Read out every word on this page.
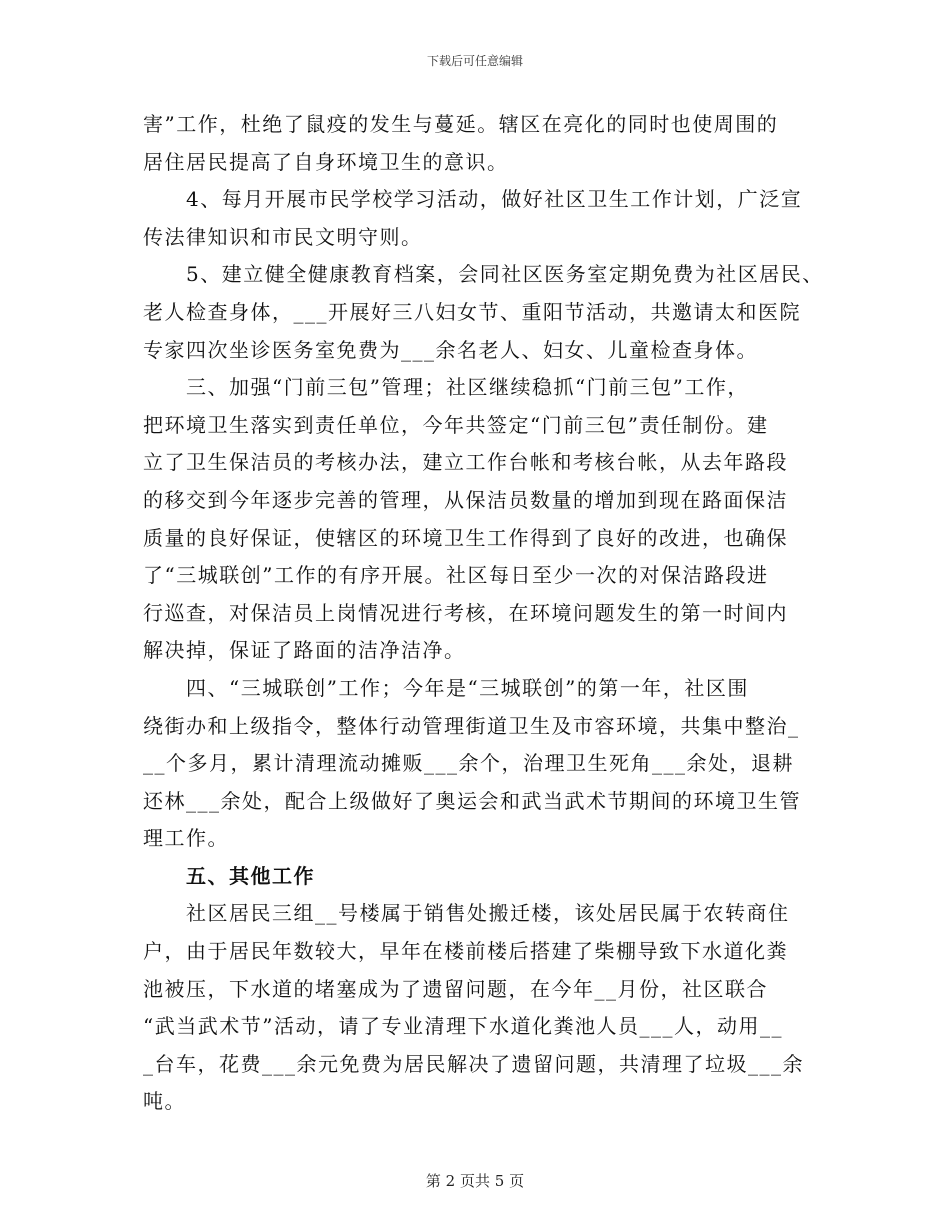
下载后可任意编辑
害”工作，杜绝了鼠疫的发生与蔓延。辖区在亮化的同时也使周围的
居住居民提高了自身环境卫生的意识。
4、每月开展市民学校学习活动，做好社区卫生工作计划，广泛宣
传法律知识和市民文明守则。
5、建立健全健康教育档案，会同社区医务室定期免费为社区居民、
老人检查身体，___开展好三八妇女节、重阳节活动，共邀请太和医院
专家四次坐诊医务室免费为___余名老人、妇女、儿童检查身体。
三、加强“门前三包”管理；社区继续稳抓“门前三包”工作，
把环境卫生落实到责任单位，今年共签定“门前三包”责任制份。建
立了卫生保洁员的考核办法，建立工作台帐和考核台帐，从去年路段
的移交到今年逐步完善的管理，从保洁员数量的增加到现在路面保洁
质量的良好保证，使辖区的环境卫生工作得到了良好的改进，也确保
了“三城联创”工作的有序开展。社区每日至少一次的对保洁路段进
行巡查，对保洁员上岗情况进行考核，在环境问题发生的第一时间内
解决掉，保证了路面的洁净洁净。
四、“三城联创”工作；今年是“三城联创”的第一年，社区围
绕街办和上级指令，整体行动管理街道卫生及市容环境，共集中整治_
__个多月，累计清理流动摊贩___余个，治理卫生死角___余处，退耕
还林___余处，配合上级做好了奥运会和武当武术节期间的环境卫生管
理工作。
五、其他工作
社区居民三组__号楼属于销售处搬迁楼，该处居民属于农转商住
户，由于居民年数较大，早年在楼前楼后搭建了柴棚导致下水道化粪
池被压，下水道的堵塞成为了遗留问题，在今年__月份，社区联合
“武当武术节”活动，请了专业清理下水道化粪池人员___人，动用__
_台车，花费___余元免费为居民解决了遗留问题，共清理了垃圾___余
吨。
第 2 页共 5 页
